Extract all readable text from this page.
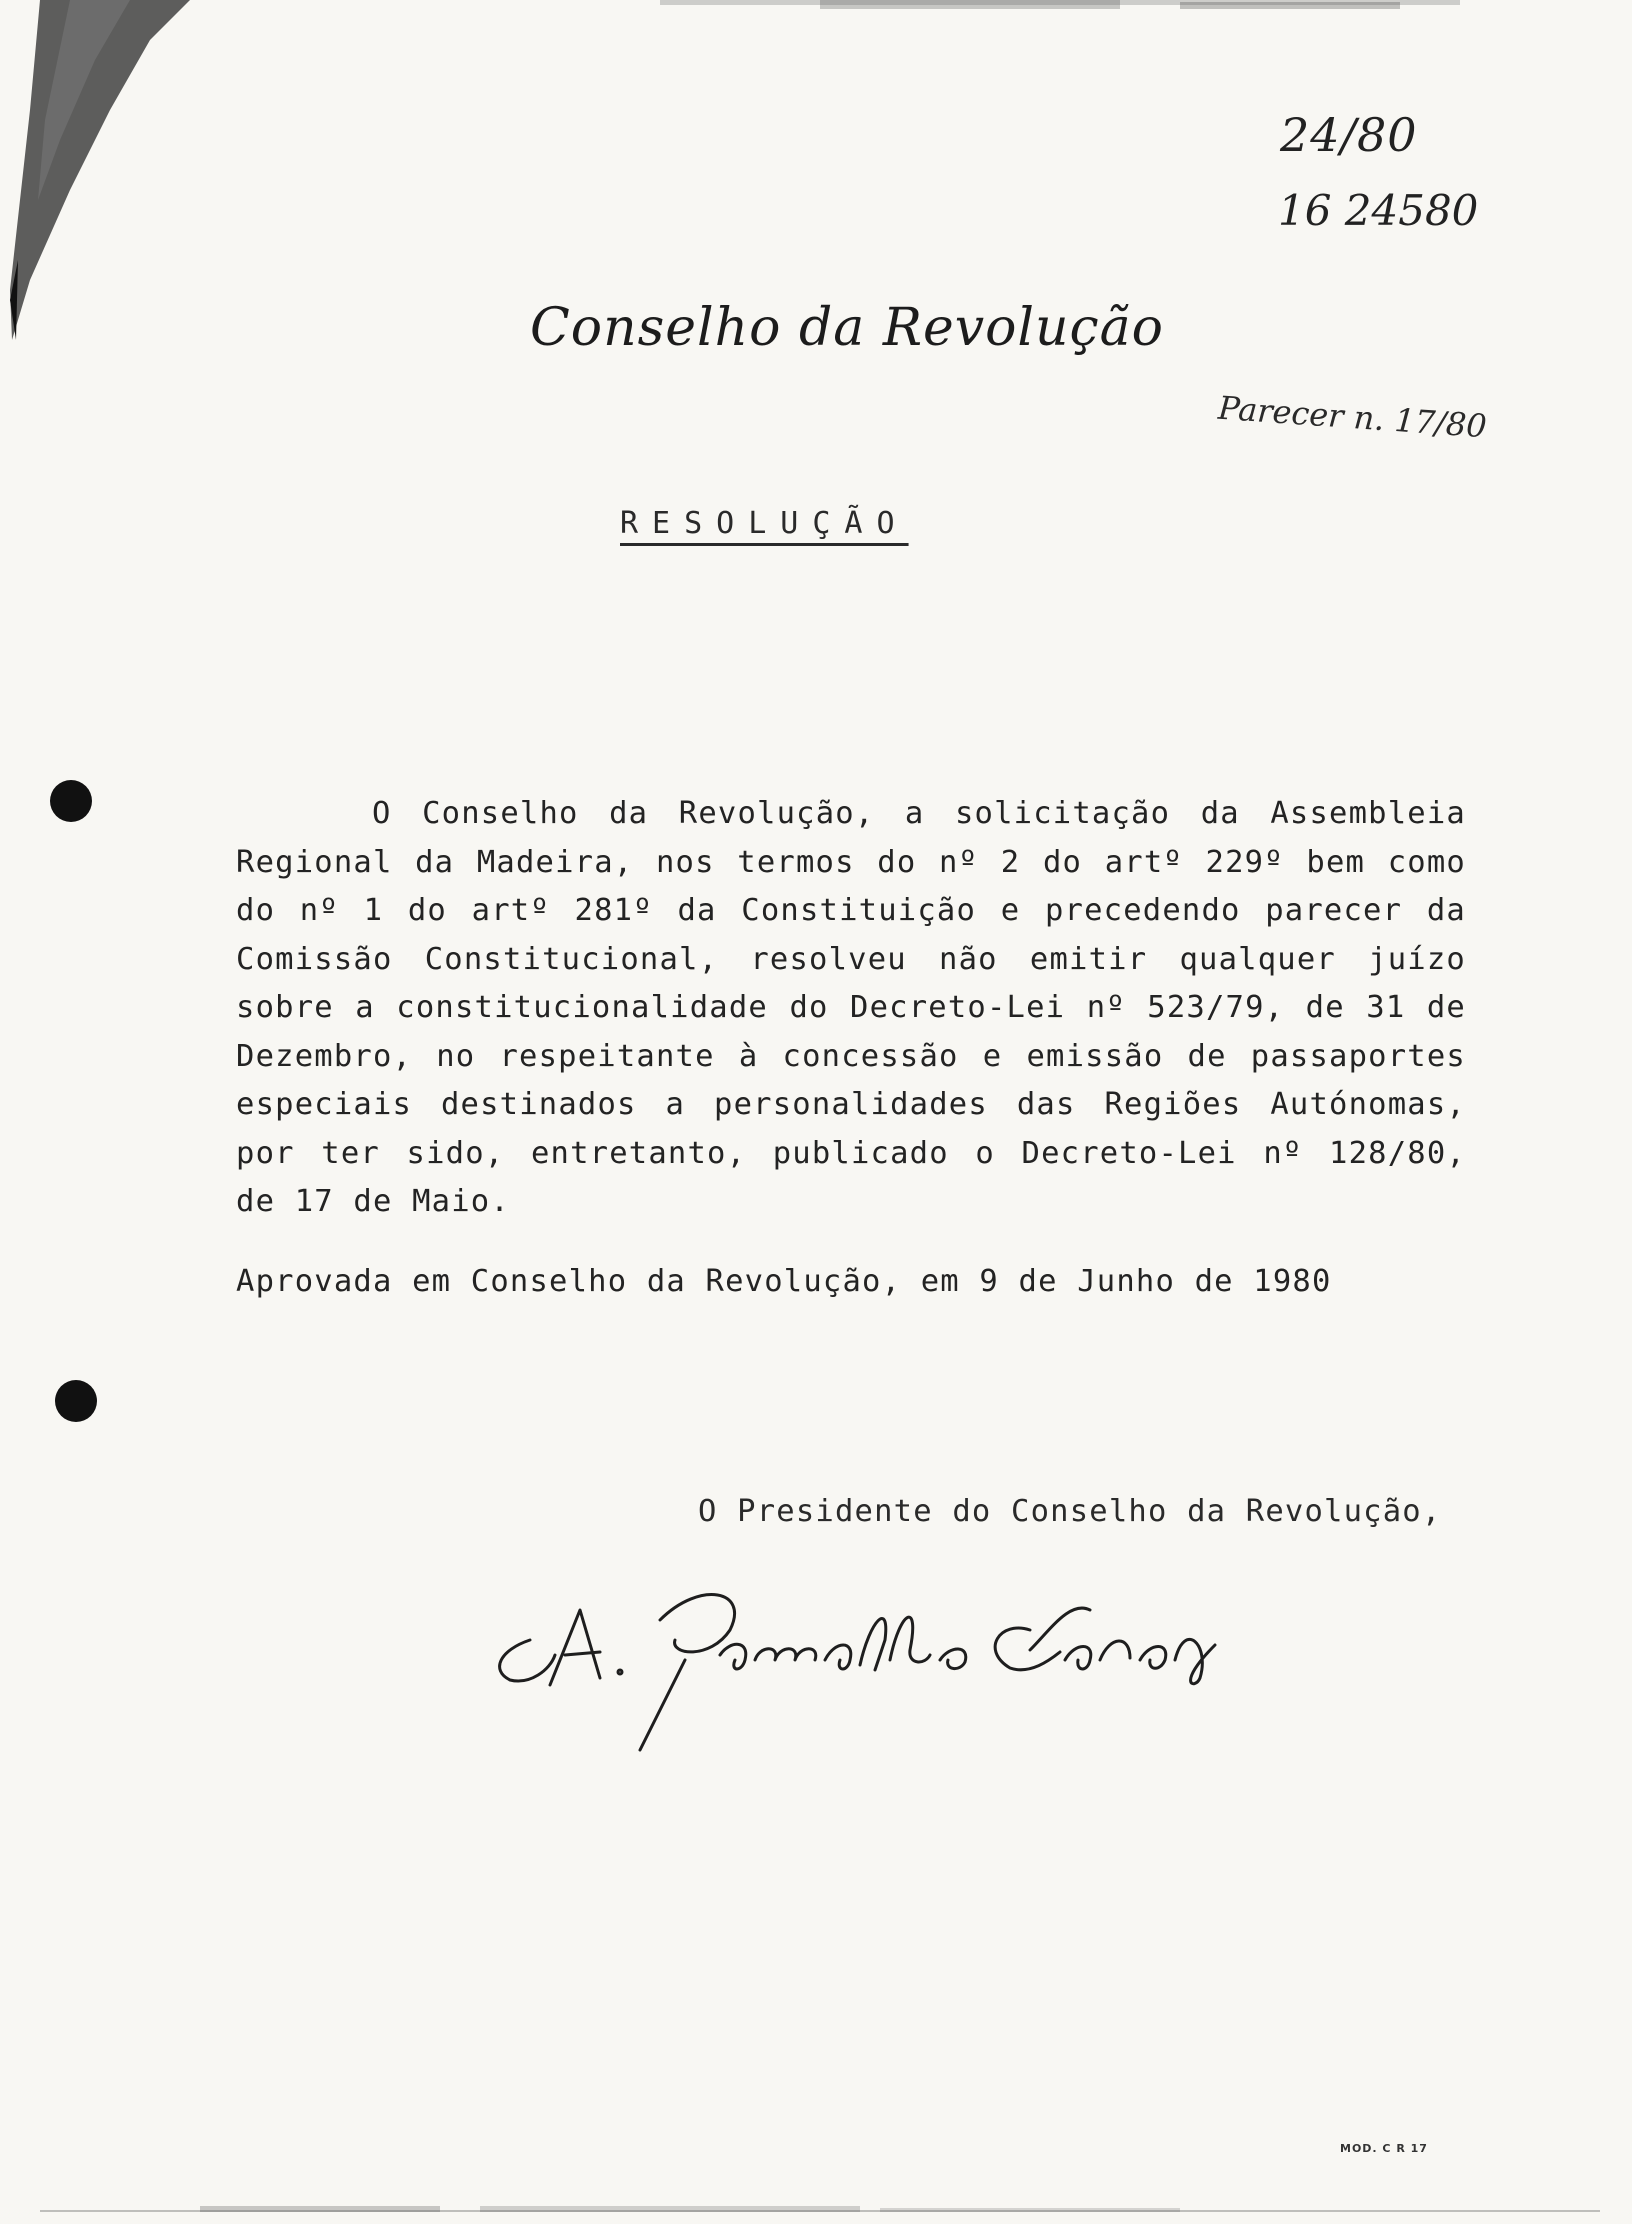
24/80
16 24580
Parecer n. 17/80
Conselho da Revolução
RESOLUÇÃO
O Conselho da Revolução, a solicitação da Assembleia Regional da Madeira, nos termos do nº 2 do artº 229º bem como do nº 1 do artº 281º da Constituição e precedendo parecer da Comissão Constitucional, resolveu não emitir qualquer juízo sobre a constitucionalidade do Decreto-Lei nº 523/79, de 31 de Dezembro, no respeitante à concessão e emissão de passaportes especiais destinados a personalidades das Regiões Autónomas, por ter sido, entretanto, publicado o Decreto-Lei nº 128/80, de 17 de Maio.
Aprovada em Conselho da Revolução, em 9 de Junho de 1980
O Presidente do Conselho da Revolução,
MOD. C R 17
